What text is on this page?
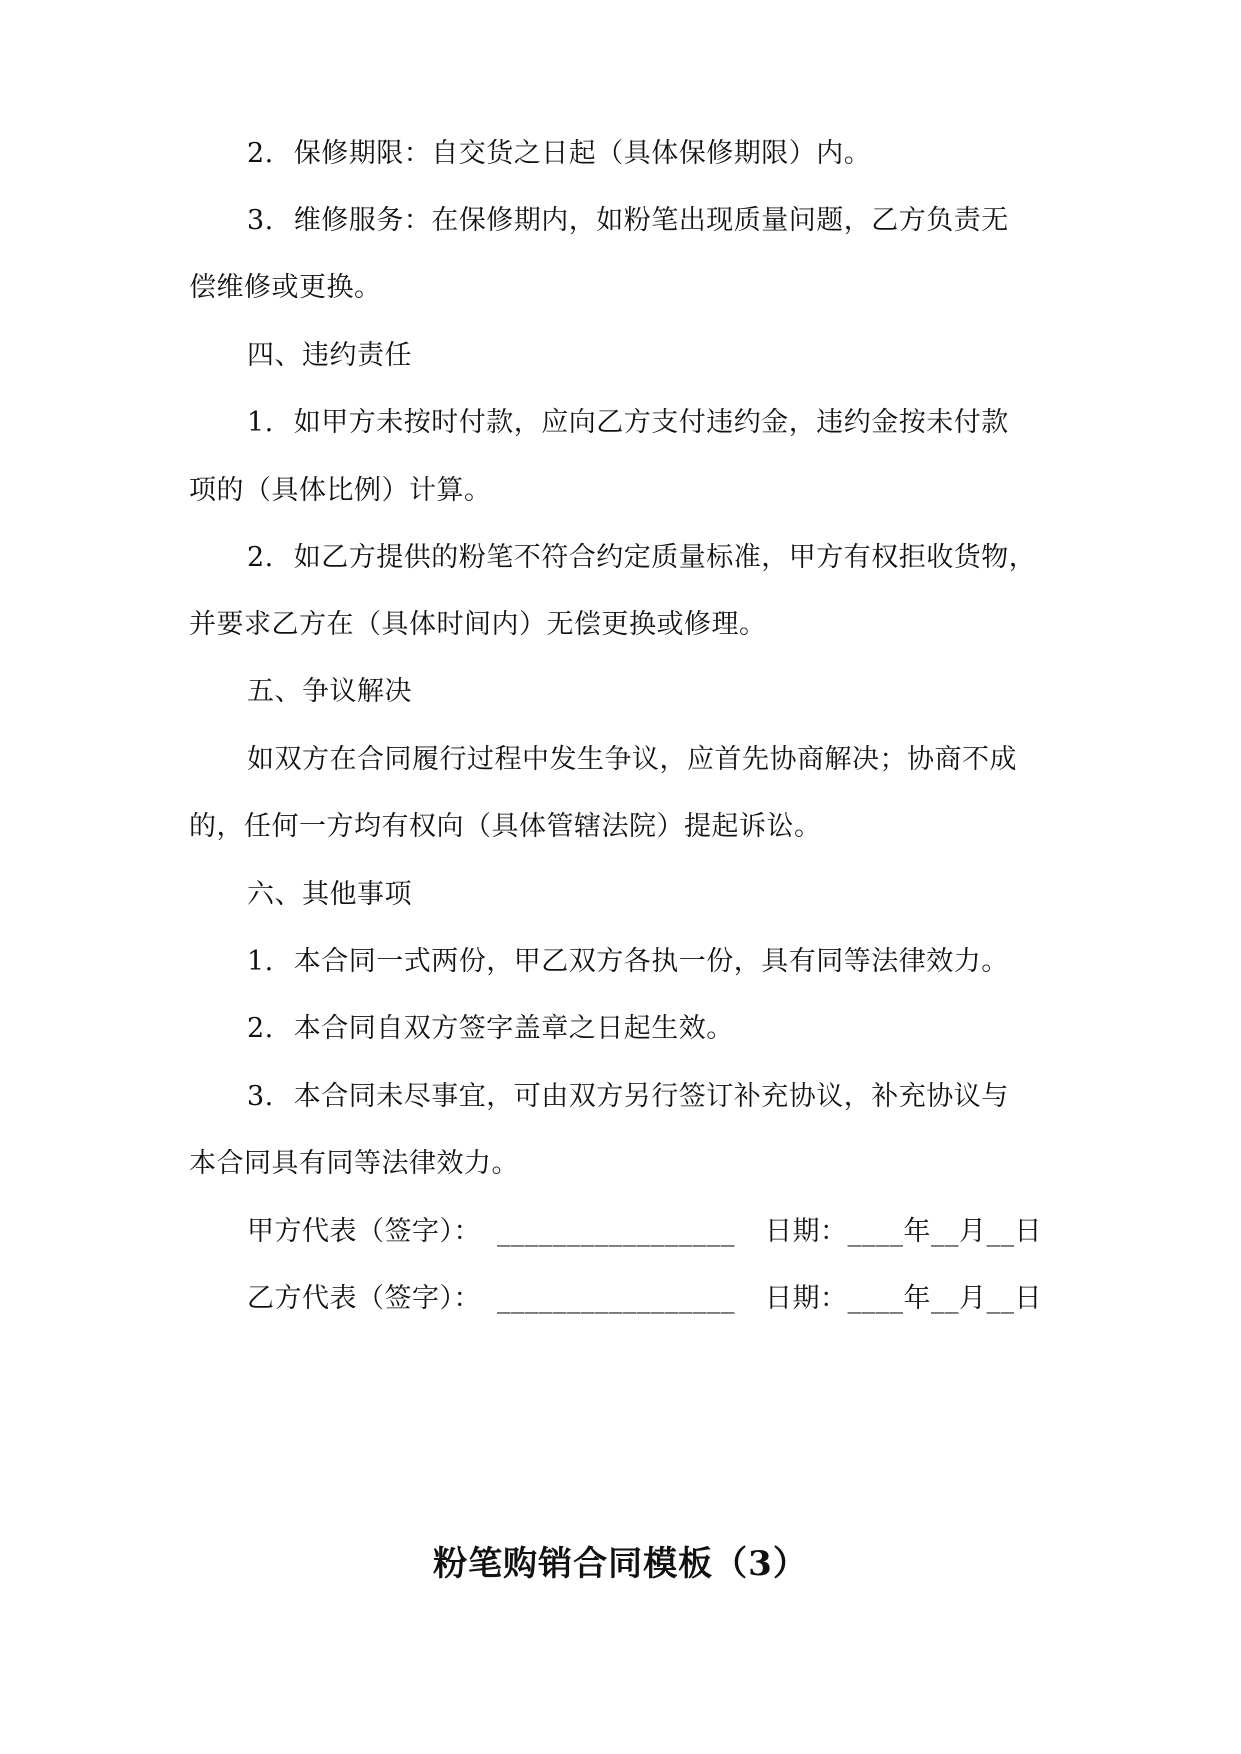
2. 保修期限：自交货之日起（具体保修期限）内。
3. 维修服务：在保修期内，如粉笔出现质量问题，乙方负责无
偿维修或更换。
四、违约责任
1. 如甲方未按时付款，应向乙方支付违约金，违约金按未付款
项的（具体比例）计算。
2. 如乙方提供的粉笔不符合约定质量标准，甲方有权拒收货物，
并要求乙方在（具体时间内）无偿更换或修理。
五、争议解决
如双方在合同履行过程中发生争议，应首先协商解决；协商不成
的，任何一方均有权向（具体管辖法院）提起诉讼。
六、其他事项
1. 本合同一式两份，甲乙双方各执一份，具有同等法律效力。
2. 本合同自双方签字盖章之日起生效。
3. 本合同未尽事宜，可由双方另行签订补充协议，补充协议与
本合同具有同等法律效力。
甲方代表（签字）： _________________ 日期：____年__月__日
乙方代表（签字）： _________________ 日期：____年__月__日
粉笔购销合同模板（3）
